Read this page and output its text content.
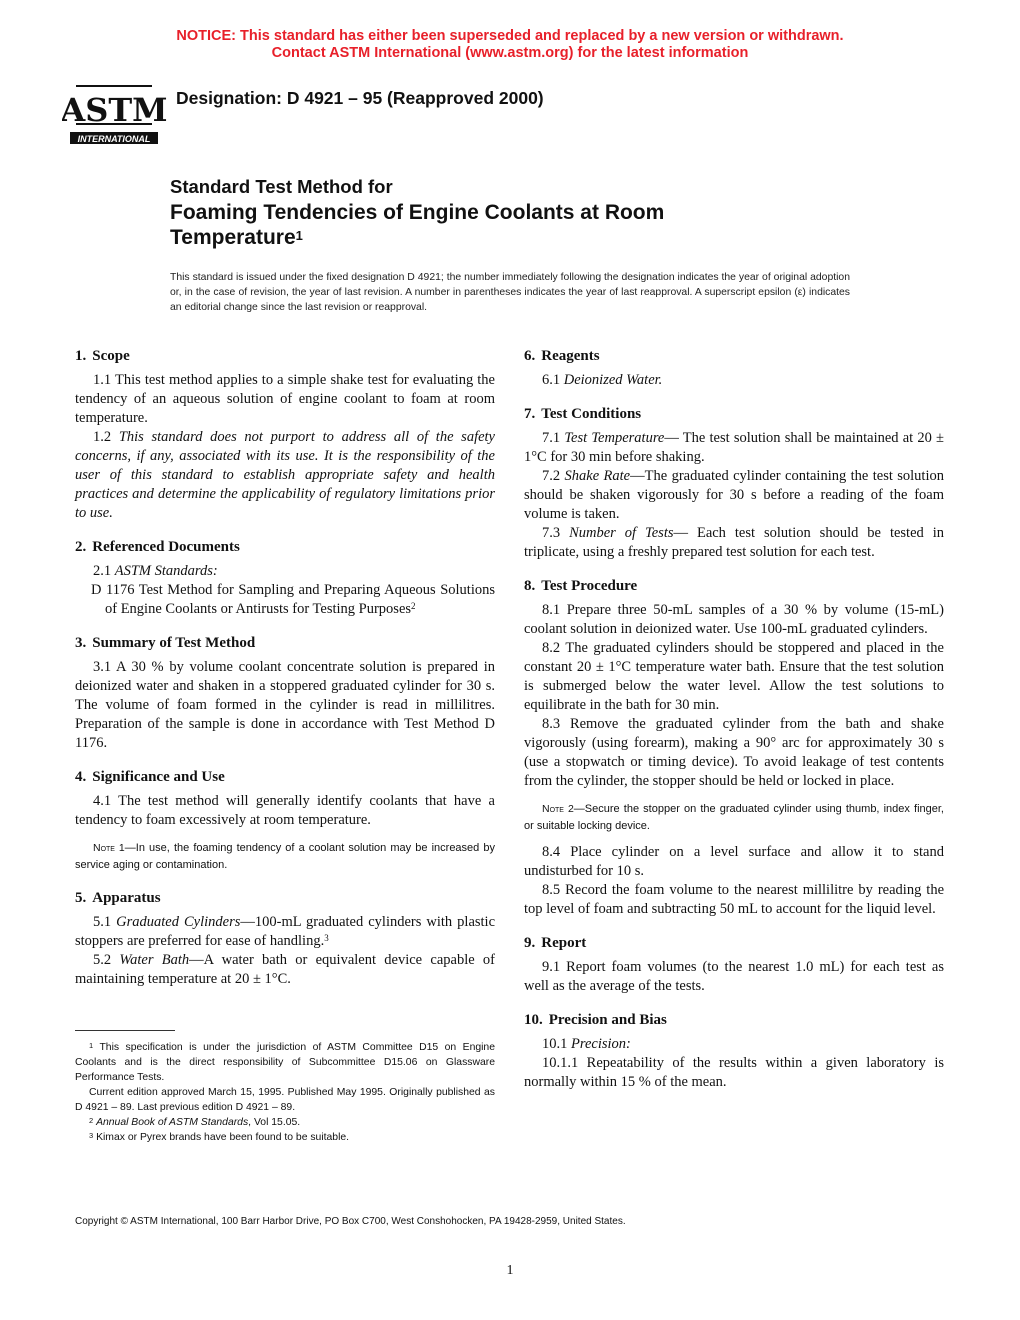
NOTICE: This standard has either been superseded and replaced by a new version or withdrawn.
Contact ASTM International (www.astm.org) for the latest information
ASTM
INTERNATIONAL
Designation: D 4921 – 95 (Reapproved 2000)
Standard Test Method for
Foaming Tendencies of Engine Coolants at Room Temperature$^1$
This standard is issued under the fixed designation D 4921; the number immediately following the designation indicates the year of original adoption or, in the case of revision, the year of last revision. A number in parentheses indicates the year of last reapproval. A superscript epsilon (ε) indicates an editorial change since the last revision or reapproval.
1. Scope

1.1 This test method applies to a simple shake test for evaluating the tendency of an aqueous solution of engine coolant to foam at room temperature.

1.2 This standard does not purport to address all of the safety concerns, if any, associated with its use. It is the responsibility of the user of this standard to establish appropriate safety and health practices and determine the applicability of regulatory limitations prior to use.

2. Referenced Documents

2.1 ASTM Standards:

D 1176 Test Method for Sampling and Preparing Aqueous Solutions of Engine Coolants or Antirusts for Testing Purposes$^2$

3. Summary of Test Method

3.1 A 30 % by volume coolant concentrate solution is prepared in deionized water and shaken in a stoppered graduated cylinder for 30 s. The volume of foam formed in the cylinder is read in millilitres. Preparation of the sample is done in accordance with Test Method D 1176.

4. Significance and Use

4.1 The test method will generally identify coolants that have a tendency to foam excessively at room temperature.

Note 1—In use, the foaming tendency of a coolant solution may be increased by service aging or contamination.

5. Apparatus

5.1 Graduated Cylinders—100-mL graduated cylinders with plastic stoppers are preferred for ease of handling.$^3$

5.2 Water Bath—A water bath or equivalent device capable of maintaining temperature at 20 ± 1°C.

$^1$ This specification is under the jurisdiction of ASTM Committee D15 on Engine Coolants and is the direct responsibility of Subcommittee D15.06 on Glassware Performance Tests.
Current edition approved March 15, 1995. Published May 1995. Originally published as D 4921 – 89. Last previous edition D 4921 – 89.
$^2$ Annual Book of ASTM Standards, Vol 15.05.
$^3$ Kimax or Pyrex brands have been found to be suitable.
6. Reagents

6.1 Deionized Water.

7. Test Conditions

7.1 Test Temperature— The test solution shall be maintained at 20 ± 1°C for 30 min before shaking.

7.2 Shake Rate—The graduated cylinder containing the test solution should be shaken vigorously for 30 s before a reading of the foam volume is taken.

7.3 Number of Tests— Each test solution should be tested in triplicate, using a freshly prepared test solution for each test.

8. Test Procedure

8.1 Prepare three 50-mL samples of a 30 % by volume (15-mL) coolant solution in deionized water. Use 100-mL graduated cylinders.

8.2 The graduated cylinders should be stoppered and placed in the constant 20 ± 1°C temperature water bath. Ensure that the test solution is submerged below the water level. Allow the test solutions to equilibrate in the bath for 30 min.

8.3 Remove the graduated cylinder from the bath and shake vigorously (using forearm), making a 90° arc for approximately 30 s (use a stopwatch or timing device). To avoid leakage of test contents from the cylinder, the stopper should be held or locked in place.

Note 2—Secure the stopper on the graduated cylinder using thumb, index finger, or suitable locking device.

8.4 Place cylinder on a level surface and allow it to stand undisturbed for 10 s.

8.5 Record the foam volume to the nearest millilitre by reading the top level of foam and subtracting 50 mL to account for the liquid level.

9. Report

9.1 Report foam volumes (to the nearest 1.0 mL) for each test as well as the average of the tests.

10. Precision and Bias

10.1 Precision:

10.1.1 Repeatability of the results within a given laboratory is normally within 15 % of the mean.

Copyright © ASTM International, 100 Barr Harbor Drive, PO Box C700, West Conshohocken, PA 19428-2959, United States.
1
